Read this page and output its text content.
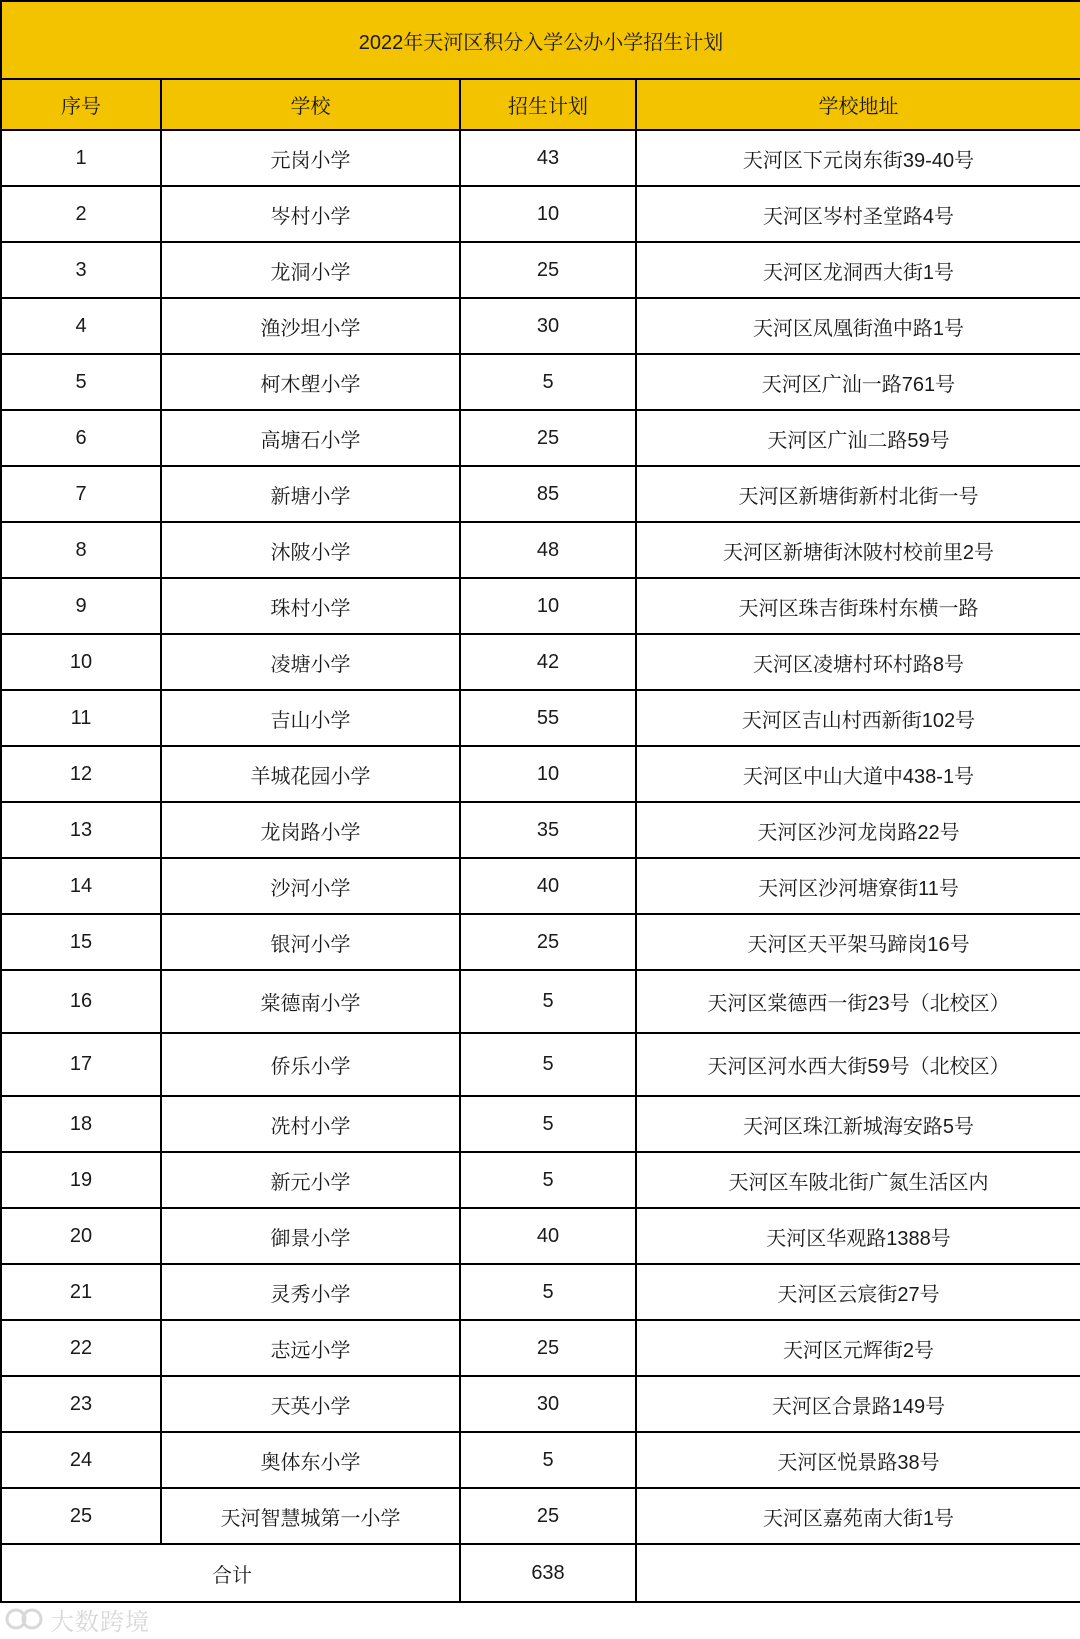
2022年天河区积分入学公办小学招生计划			
序号	学校	招生计划	学校地址
1	元岗小学	43	天河区下元岗东街39-40号
2	岑村小学	10	天河区岑村圣堂路4号
3	龙洞小学	25	天河区龙洞西大街1号
4	渔沙坦小学	30	天河区凤凰街渔中路1号
5	柯木塱小学	5	天河区广汕一路761号
6	高塘石小学	25	天河区广汕二路59号
7	新塘小学	85	天河区新塘街新村北街一号
8	沐陂小学	48	天河区新塘街沐陂村校前里2号
9	珠村小学	10	天河区珠吉街珠村东横一路
10	凌塘小学	42	天河区凌塘村环村路8号
11	吉山小学	55	天河区吉山村西新街102号
12	羊城花园小学	10	天河区中山大道中438-1号
13	龙岗路小学	35	天河区沙河龙岗路22号
14	沙河小学	40	天河区沙河塘寮街11号
15	银河小学	25	天河区天平架马蹄岗16号
16	棠德南小学	5	天河区棠德西一街23号（北校区）
17	侨乐小学	5	天河区河水西大街59号（北校区）
18	冼村小学	5	天河区珠江新城海安路5号
19	新元小学	5	天河区车陂北街广氮生活区内
20	御景小学	40	天河区华观路1388号
21	灵秀小学	5	天河区云宸街27号
22	志远小学	25	天河区元辉街2号
23	天英小学	30	天河区合景路149号
24	奥体东小学	5	天河区悦景路38号
25	天河智慧城第一小学	25	天河区嘉苑南大街1号
合计		638	
大数跨境
